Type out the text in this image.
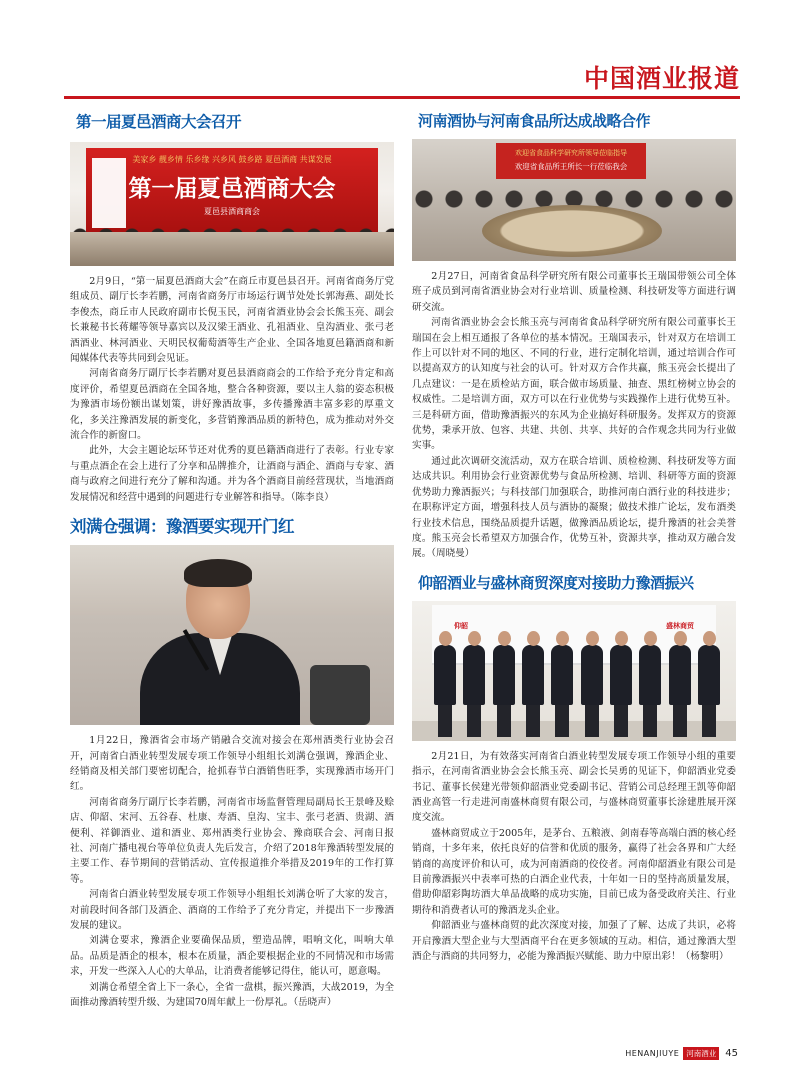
中国酒业报道
第一届夏邑酒商大会召开
美家乡 靓乡情 乐乡缘 兴乡风 鼓乡路 夏邑酒商 共谋发展
第一届夏邑酒商大会
夏邑县酒商商会

2月9日，“第一届夏邑酒商大会”在商丘市夏邑县召开。河南省商务厅党组成员、副厅长李若鹏，河南省商务厅市场运行调节处处长郭海燕、副处长李俊杰，商丘市人民政府副市长倪玉民，河南省酒业协会会长熊玉亮、副会长兼秘书长蒋耀等领导嘉宾以及汉梁王酒业、孔祖酒业、皇沟酒业、张弓老酒酒业、林河酒业、天明民权葡萄酒等生产企业、全国各地夏邑籍酒商和新闻媒体代表等共同到会见证。

河南省商务厅副厅长李若鹏对夏邑县酒商商会的工作给予充分肯定和高度评价，希望夏邑酒商在全国各地，整合各种资源，要以主人翁的姿态积极为豫酒市场份额出谋划策，讲好豫酒故事，多传播豫酒丰富多彩的厚重文化，多关注豫酒发展的新变化，多营销豫酒品质的新特色，成为推动对外交流合作的新窗口。

此外，大会主题论坛环节还对优秀的夏邑籍酒商进行了表彰。行业专家与重点酒企在会上进行了分享和品牌推介，让酒商与酒企、酒商与专家、酒商与政府之间进行充分了解和沟通。并为各个酒商目前经营现状，当地酒商发展情况和经营中遇到的问题进行专业解答和指导。（陈李良）

刘满仓强调：豫酒要实现开门红

1月22日，豫酒省会市场产销融合交流对接会在郑州酒类行业协会召开，河南省白酒业转型发展专项工作领导小组组长刘满仓强调，豫酒企业、经销商及相关部门要密切配合，抢抓春节白酒销售旺季，实现豫酒市场开门红。

河南省商务厅副厅长李若鹏，河南省市场监督管理局副局长王景峰及赊店、仰韶、宋河、五谷春、杜康、寿酒、皇沟、宝丰、张弓老酒、贵湖、酒便利、祥御酒业、道和酒业、郑州酒类行业协会、豫商联合会、河南日报社、河南广播电视台等单位负责人先后发言，介绍了2018年豫酒转型发展的主要工作、春节期间的营销活动、宣传报道推介举措及2019年的工作打算等。

河南省白酒业转型发展专项工作领导小组组长刘满仓听了大家的发言，对前段时间各部门及酒企、酒商的工作给予了充分肯定，并提出下一步豫酒发展的建议。

刘满仓要求，豫酒企业要确保品质，塑造品牌，唱响文化，叫响大单品。品质是酒企的根本，根本在质量，酒企要根据企业的不同情况和市场需求，开发一些深入人心的大单品，让消费者能够记得住，能认可，愿意喝。

刘满仓希望全省上下一条心，全省一盘棋，振兴豫酒，大战2019，为全面推动豫酒转型升级、为建国70周年献上一份厚礼。（岳晓声）

河南酒协与河南食品所达成战略合作
欢迎省食品科学研究所领导莅临指导
欢迎省食品所王所长一行莅临我会

2月27日，河南省食品科学研究所有限公司董事长王瑞国带领公司全体班子成员到河南省酒业协会对行业培训、质量检测、科技研发等方面进行调研交流。

河南省酒业协会会长熊玉亮与河南省食品科学研究所有限公司董事长王瑞国在会上相互通报了各单位的基本情况。王瑞国表示，针对双方在培训工作上可以针对不同的地区、不同的行业，进行定制化培训，通过培训合作可以提高双方的认知度与社会的认可。针对双方合作共赢，熊玉亮会长提出了几点建议：一是在质检站方面，联合做市场质量、抽查、黑红榜树立协会的权威性。二是培训方面，双方可以在行业优势与实践操作上进行优势互补。三是科研方面，借助豫酒振兴的东风为企业搞好科研服务。发挥双方的资源优势，秉承开放、包容、共建、共创、共享、共好的合作观念共同为行业做实事。

通过此次调研交流活动，双方在联合培训、质检检测、科技研发等方面达成共识。利用协会行业资源优势与食品所检测、培训、科研等方面的资源优势助力豫酒振兴；与科技部门加强联合，助推河南白酒行业的科技进步；在职称评定方面，增强科技人员与酒协的凝聚；做技术推广论坛，发布酒类行业技术信息，围绕品质提升话题，做豫酒品质论坛，提升豫酒的社会美誉度。熊玉亮会长希望双方加强合作，优势互补，资源共享，推动双方融合发展。（周晓曼）

仰韶酒业与盛林商贸深度对接助力豫酒振兴
仰韶	盛林商贸

2月21日，为有效落实河南省白酒业转型发展专项工作领导小组的重要指示，在河南省酒业协会会长熊玉亮、副会长吴勇的见证下，仰韶酒业党委书记、董事长侯建光带领仰韶酒业党委副书记、营销公司总经理王凯等仰韶酒业高管一行走进河南盛林商贸有限公司，与盛林商贸董事长涂建胜展开深度交流。

盛林商贸成立于2005年，是茅台、五粮液、剑南春等高端白酒的核心经销商，十多年来，依托良好的信誉和优质的服务，赢得了社会各界和广大经销商的高度评价和认可，成为河南酒商的佼佼者。河南仰韶酒业有限公司是目前豫酒振兴中表率可热的白酒企业代表，十年如一日的坚持高质量发展，借助仰韶彩陶坊酒大单品战略的成功实施，目前已成为备受政府关注、行业期待和消费者认可的豫酒龙头企业。

仰韶酒业与盛林商贸的此次深度对接，加强了了解、达成了共识，必将开启豫酒大型企业与大型酒商平台在更多领域的互动。相信，通过豫酒大型酒企与酒商的共同努力，必能为豫酒振兴赋能、助力中原出彩！（杨黎明）

HENANJIUYE 河南酒业 45
